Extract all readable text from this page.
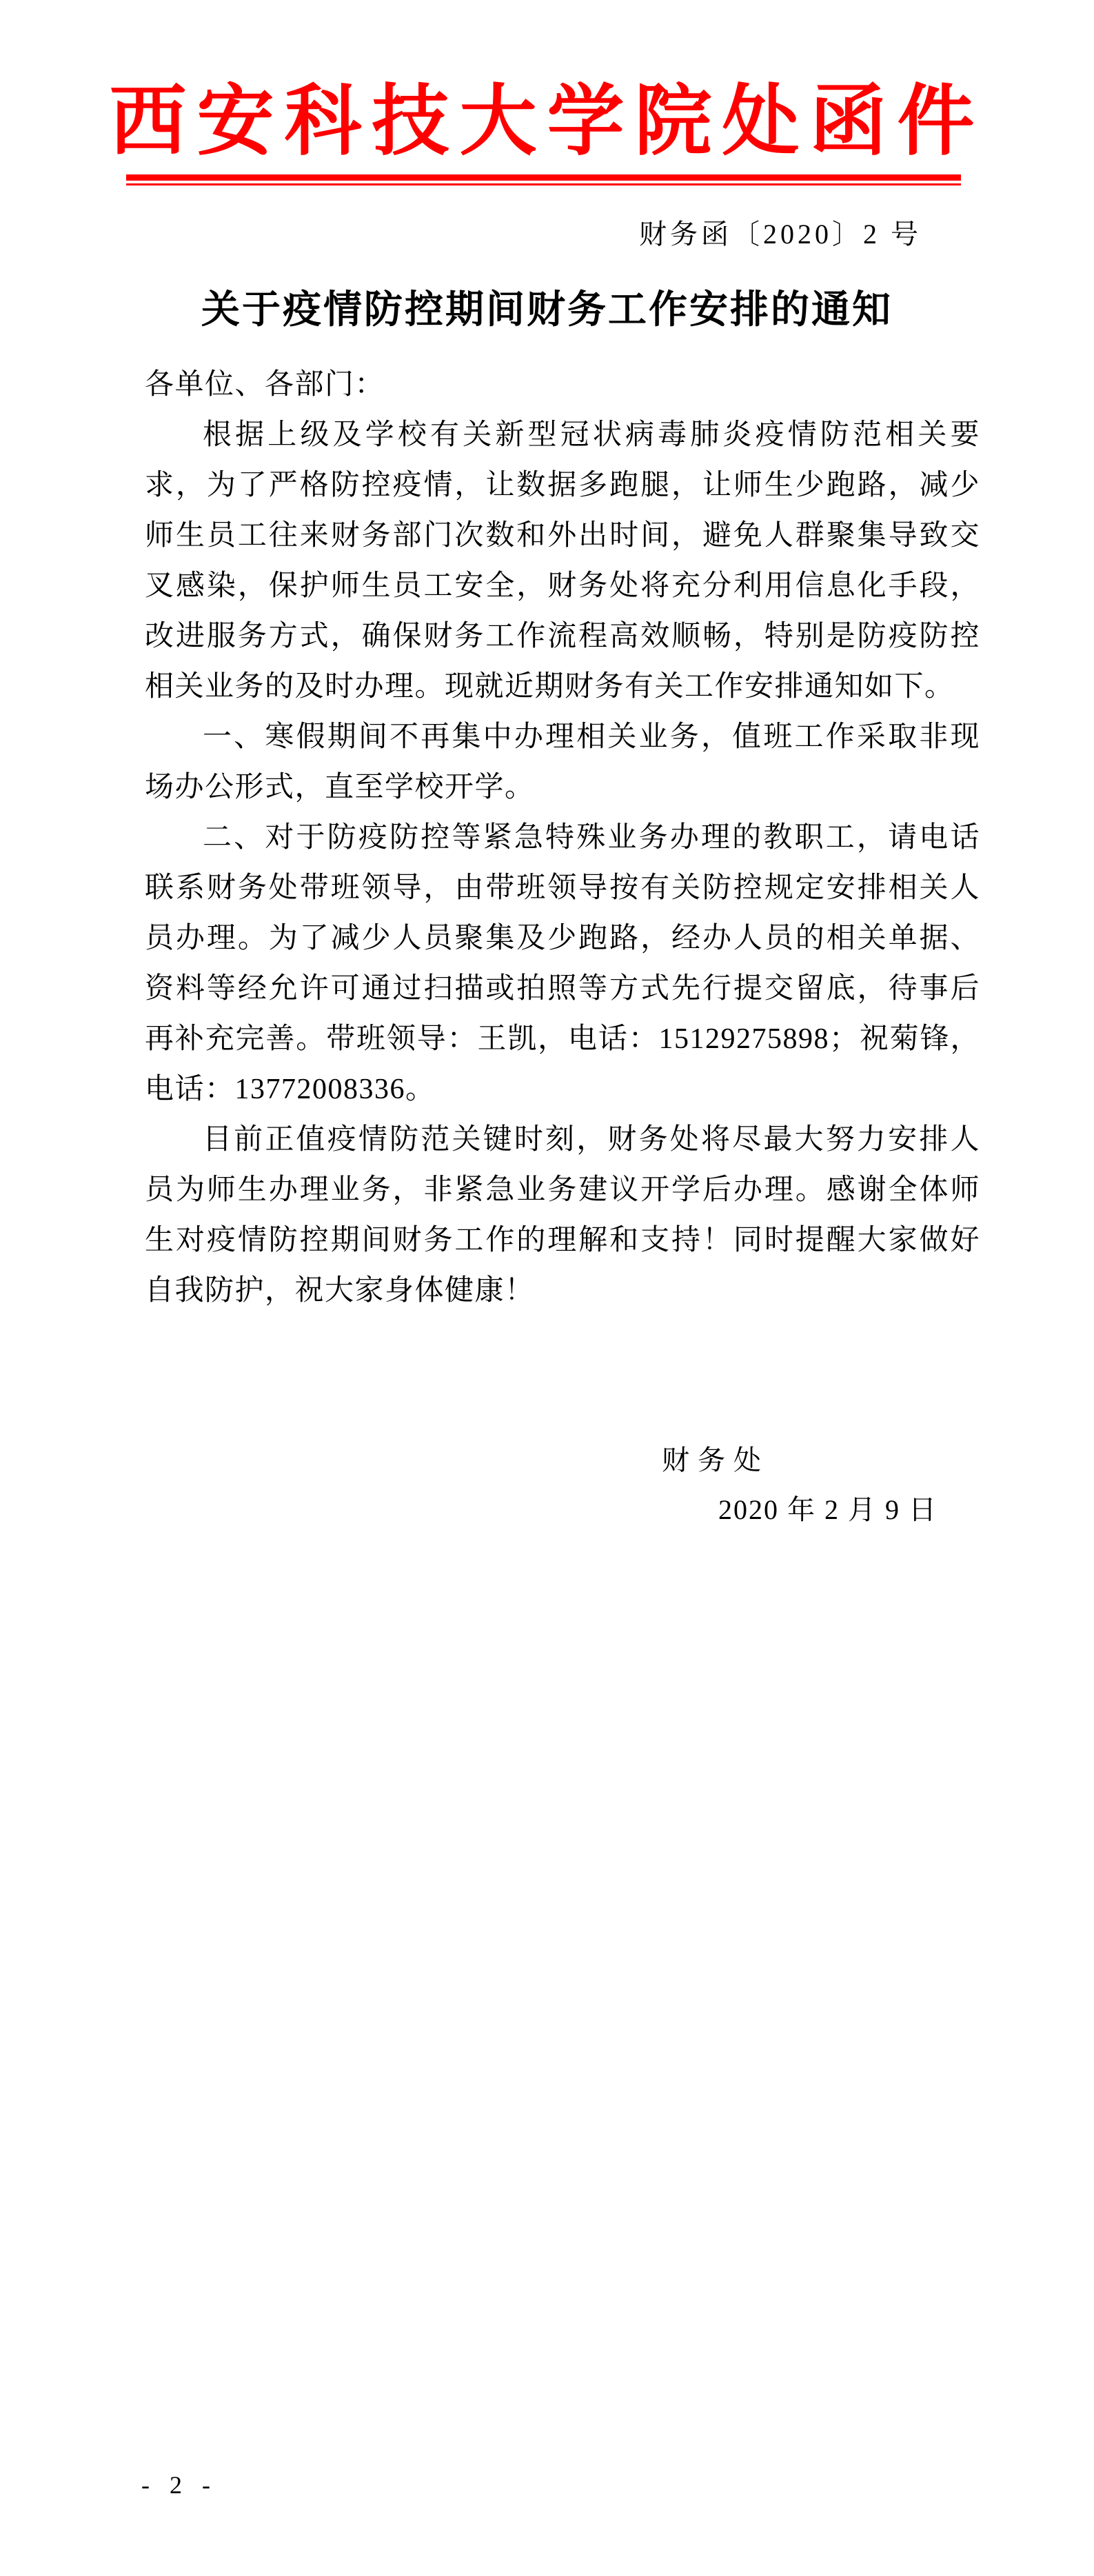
西安科技大学院处函件
财务函〔2020〕2 号
关于疫情防控期间财务工作安排的通知

各单位、各部门：

根据上级及学校有关新型冠状病毒肺炎疫情防范相关要求，为了严格防控疫情，让数据多跑腿，让师生少跑路，减少师生员工往来财务部门次数和外出时间，避免人群聚集导致交叉感染，保护师生员工安全，财务处将充分利用信息化手段，改进服务方式，确保财务工作流程高效顺畅，特别是防疫防控相关业务的及时办理。现就近期财务有关工作安排通知如下。

一、寒假期间不再集中办理相关业务，值班工作采取非现场办公形式，直至学校开学。

二、对于防疫防控等紧急特殊业务办理的教职工，请电话联系财务处带班领导，由带班领导按有关防控规定安排相关人员办理。为了减少人员聚集及少跑路，经办人员的相关单据、资料等经允许可通过扫描或拍照等方式先行提交留底，待事后再补充完善。带班领导：王凯，电话：15129275898；祝菊锋，电话：13772008336。

目前正值疫情防范关键时刻，财务处将尽最大努力安排人员为师生办理业务，非紧急业务建议开学后办理。感谢全体师生对疫情防控期间财务工作的理解和支持！同时提醒大家做好自我防护，祝大家身体健康！

财务处
2020 年 2 月 9 日
- 2 -
